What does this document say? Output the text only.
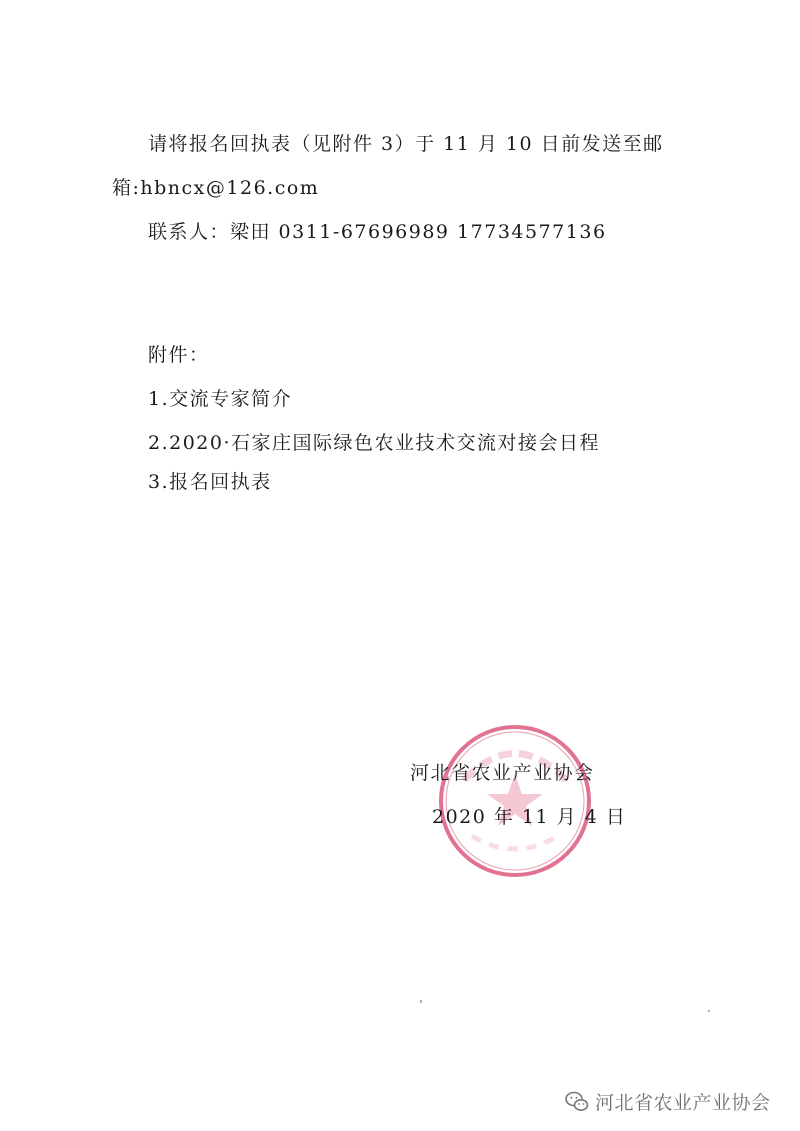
请将报名回执表（见附件 3）于 11 月 10 日前发送至邮
箱:hbncx@126.com
联系人：梁田 0311-67696989 17734577136
附件：
1.交流专家简介
2.2020·石家庄国际绿色农业技术交流对接会日程
3.报名回执表
河北省农业产业协会
2020 年 11 月 4 日
河北省农业产业协会
